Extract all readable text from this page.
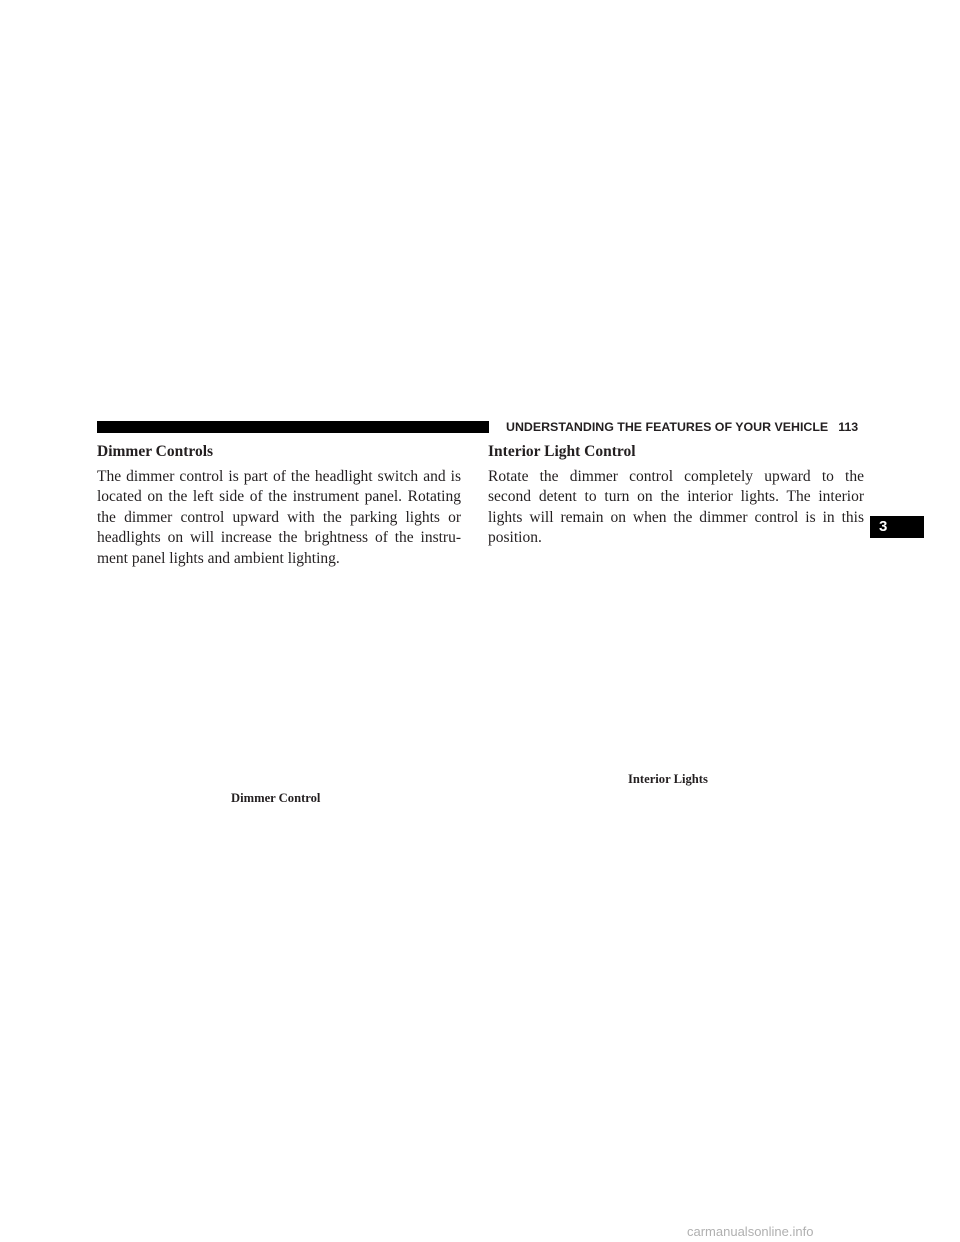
UNDERSTANDING THE FEATURES OF YOUR VEHICLE 113
Dimmer Controls
The dimmer control is part of the headlight switch and is
located on the left side of the instrument panel. Rotating
the dimmer control upward with the parking lights or
headlights on will increase the brightness of the instru-
ment panel lights and ambient lighting.
Dimmer Control
Interior Light Control
Rotate the dimmer control completely upward to the
second detent to turn on the interior lights. The interior
lights will remain on when the dimmer control is in this
position.
Interior Lights
3
carmanualsonline.info
